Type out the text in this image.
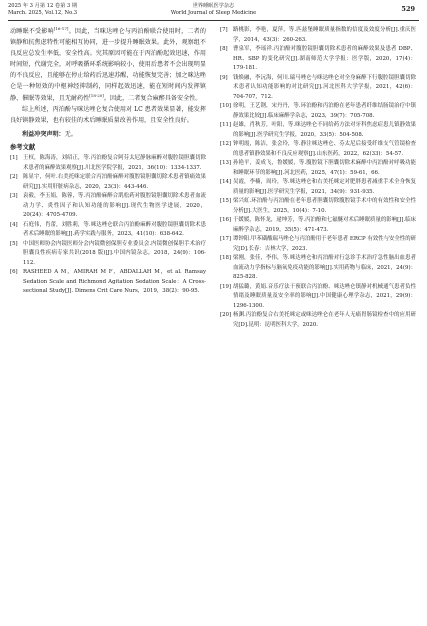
2025 年 3 月第 12 卷第 3 期
March. 2025, Vol.12, No.3
世界睡眠医学杂志
World Journal of Sleep Medicine	529

动睡眠不受影响[16-17]。因此，当咪达唑仑与丙泊酚联合使用时，二者的镇静和抗焦虑特性可能相互协同，进一步提升睡眠效果。此外，观察组不良反应总发生率低，安全性高。究其原因可能在于丙泊酚起效迅速，作用时间短，代谢完全，对呼吸循环系统影响较小，使用后患者不会出现明显的不良反应，且能够在停止给药后迅速苏醒，功能恢复完善；加之咪达唑仑是一种短效的中枢神经抑制药，同样起效迅速，能在短时间内发挥镇静、催眠等效果，且无耐药性[18-20]。因此，二者复合麻醉具备安全性。

综上所述，丙泊酚与咪达唑仑复合使用对 LC 患者效果显著，能发挥良好镇静效果，也有较佳的术后睡眠质量改善作用，且安全性良好。

利益冲突声明：无。
参考文献
[1] 王权，陈海涛，刘绍正，等.丙泊酚复合阿芬太尼静脉麻醉对腹腔镜胆囊切除术患者的麻醉效果观察[J].川北医学院学报，2021，36(10)：1334-1337.
[2] 陈显宇，何叶.右美托咪定联合丙泊酚麻醉对腹腔镜胆囊切除术患者镇痛效果研究[J].实用肝脏病杂志，2020，23(3)：443-446.
[3] 袁毅，李玉娟，陈蓉，等.丙泊酚麻醉合肌松药对腹腔镜胆囊切除术患者血流动力学、炎性因子和认知功能的影响[J].现代生物医学进展，2020，20(24)：4705-4709.
[4] 石庭伟，肖蕾，刘胜莉，等.咪达唑仑联合丙泊酚麻醉对腹腔镜胆囊切除术患者术后睡眠的影响[J].药学实践与服务，2023，41(10)：638-642.
[5] 中国医师协会内镜医师分会内镜微创保胆专业委员会.内镜微创保胆手术治疗胆囊良性疾病专家共识(2018 版)[J].中国内镜杂志，2018，24(9)：106-112.
[6] RASHEED A M，AMIRAH M F，ABDALLAH M，et al. Ramsay Sedation Scale and Richmond Agitation Sedation Scale：A Cross-sectional Study[J]. Dimens Crit Care Nurs，2019，38(2)：90-95.
[7] 路桃影，李艳，夏萍，等.匹兹堡睡眠质量指数的信度及效度分析[J].重庆医学，2014，43(3)：260-263.
[8] 曹泉军，李瑶祥.丙泊酚对腹腔镜胆囊切除术患者的麻醉效果及患者 DBP、HR、SBP 的变化研究[J].湖南师范大学学报：医学版，2020，17(4)：179-181.
[9] 钱焕融，李沅海，何川.瑞马唑仑与咪达唑仑对全身麻醉下行腹腔镜胆囊切除术患者认知功能影响的对比研究[J].河北医科大学学报，2021，42(6)：704-707，712.
[10] 徐明，王艺钢，宋丹丹，等.环泊酚和丙泊酚在老年患者纤维结肠镜治疗中镇静效果比较[J].临床麻醉学杂志，2023，39(7)：705-708.
[11] 赵雄，肖秋芳，叶阳，等.咪达唑仑不同给药方法对牙科焦虑症患儿镇静效果的影响[J].医学研究生学报，2020，33(5)：504-508.
[12] 钟明霞，陈洁，张会玲，等.静注咪达唑仑、芬太尼后接受纤维支气管镜检查的患者镇静效果和不良反应观察[J].山东医药，2022，62(33)：54-57.
[13] 孙艳平，姜成飞，鲁媛媛，等.腹腔镜下胆囊切除术麻醉中丙泊酚对呼吸功能和睡眠环节的影响[J].河北医药，2025，47(1)：59-61，66.
[14] 吴霞，李楠，周玲，等.咪达唑仑和右美托咪定对肥胖患者减重手术全身恢复质量的影响[J].医学研究生学报，2021，34(9)：931-935.
[15] 梁兴虹.环泊酚与丙泊酚在老年患者胆囊切除腹腔镜手术中的有效性和安全性分析[J].大医生，2025，10(4)：7-10.
[16] 于媛媛，陈怀龙，逯坤芳，等.丙泊酚和七氟醚对术后睡眠质量的影响[J].临床麻醉学杂志，2019，35(5)：471-473.
[17] 谭钟阳.甲苯磺酸瑞马唑仑与丙泊酚用于老年患者 ERCP 有效性与安全性的研究[D].长春：吉林大学，2023.
[18] 梁刚，张佳，李伟，等.咪达唑仑和丙泊酚对行急诊手术治疗急性脑出血患者血流动力学指标与脑氧免疫功能的影响[J].实用药物与临床，2021，24(9)：825-828.
[19] 胡猛璐，黄娟.音乐疗法干预联合丙泊酚、咪达唑仑镇静对机械通气患者负性情绪及睡眠质量及安全率的影响[J].中国健康心理学杂志，2021，29(9)：1296-1300.
[20] 杨渊.丙泊酚复合右美托咪定或咪达唑仑在老年人无痛胃肠镜检查中的应用研究[D].昆明：昆明医科大学，2020.
